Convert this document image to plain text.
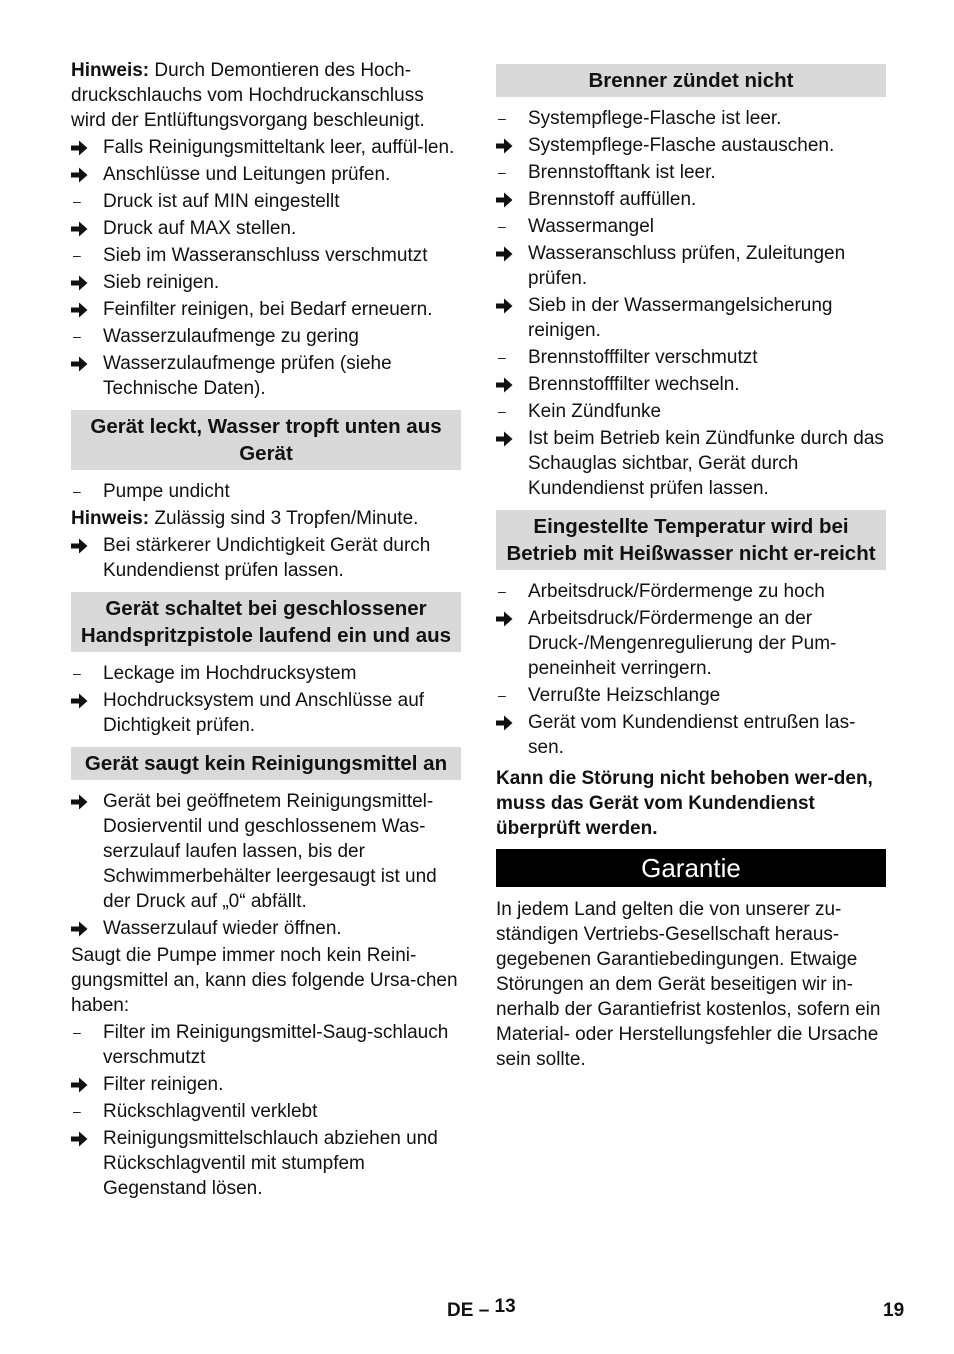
Hinweis: Durch Demontieren des Hoch-druckschlauchs vom Hochdruckanschluss wird der Entlüftungsvorgang beschleunigt.

Falls Reinigungsmitteltank leer, auffül-len.
Anschlüsse und Leitungen prüfen.
–	Druck ist auf MIN eingestellt
Druck auf MAX stellen.
–	Sieb im Wasseranschluss verschmutzt
Sieb reinigen.
Feinfilter reinigen, bei Bedarf erneuern.
–	Wasserzulaufmenge zu gering
Wasserzulaufmenge prüfen (siehe Technische Daten).
Gerät leckt, Wasser tropft unten aus Gerät
–	Pumpe undicht

Hinweis: Zulässig sind 3 Tropfen/Minute.

Bei stärkerer Undichtigkeit Gerät durch Kundendienst prüfen lassen.
Gerät schaltet bei geschlossener Handspritzpistole laufend ein und aus
–	Leckage im Hochdrucksystem
Hochdrucksystem und Anschlüsse auf Dichtigkeit prüfen.
Gerät saugt kein Reinigungsmittel an
Gerät bei geöffnetem Reinigungsmittel-Dosierventil und geschlossenem Was-serzulauf laufen lassen, bis der Schwimmerbehälter leergesaugt ist und der Druck auf „0“ abfällt.
Wasserzulauf wieder öffnen.

Saugt die Pumpe immer noch kein Reini-gungsmittel an, kann dies folgende Ursa-chen haben:

–	Filter im Reinigungsmittel-Saug-schlauch verschmutzt
Filter reinigen.
–	Rückschlagventil verklebt
Reinigungsmittelschlauch abziehen und Rückschlagventil mit stumpfem Gegenstand lösen.
Brenner zündet nicht
–	Systempflege-Flasche ist leer.
Systempflege-Flasche austauschen.
–	Brennstofftank ist leer.
Brennstoff auffüllen.
–	Wassermangel
Wasseranschluss prüfen, Zuleitungen prüfen.
Sieb in der Wassermangelsicherung reinigen.
–	Brennstofffilter verschmutzt
Brennstofffilter wechseln.
–	Kein Zündfunke
Ist beim Betrieb kein Zündfunke durch das Schauglas sichtbar, Gerät durch Kundendienst prüfen lassen.
Eingestellte Temperatur wird bei Betrieb mit Heißwasser nicht er-reicht
–	Arbeitsdruck/Fördermenge zu hoch
Arbeitsdruck/Fördermenge an der Druck-/Mengenregulierung der Pum-peneinheit verringern.
–	Verrußte Heizschlange
Gerät vom Kundendienst entrußen las-sen.

Kann die Störung nicht behoben wer-den, muss das Gerät vom Kundendienst überprüft werden.

Garantie

In jedem Land gelten die von unserer zu-ständigen Vertriebs-Gesellschaft heraus-gegebenen Garantiebedingungen. Etwaige Störungen an dem Gerät beseitigen wir in-nerhalb der Garantiefrist kostenlos, sofern ein Material- oder Herstellungsfehler die Ursache sein sollte.

DE – 13	19
